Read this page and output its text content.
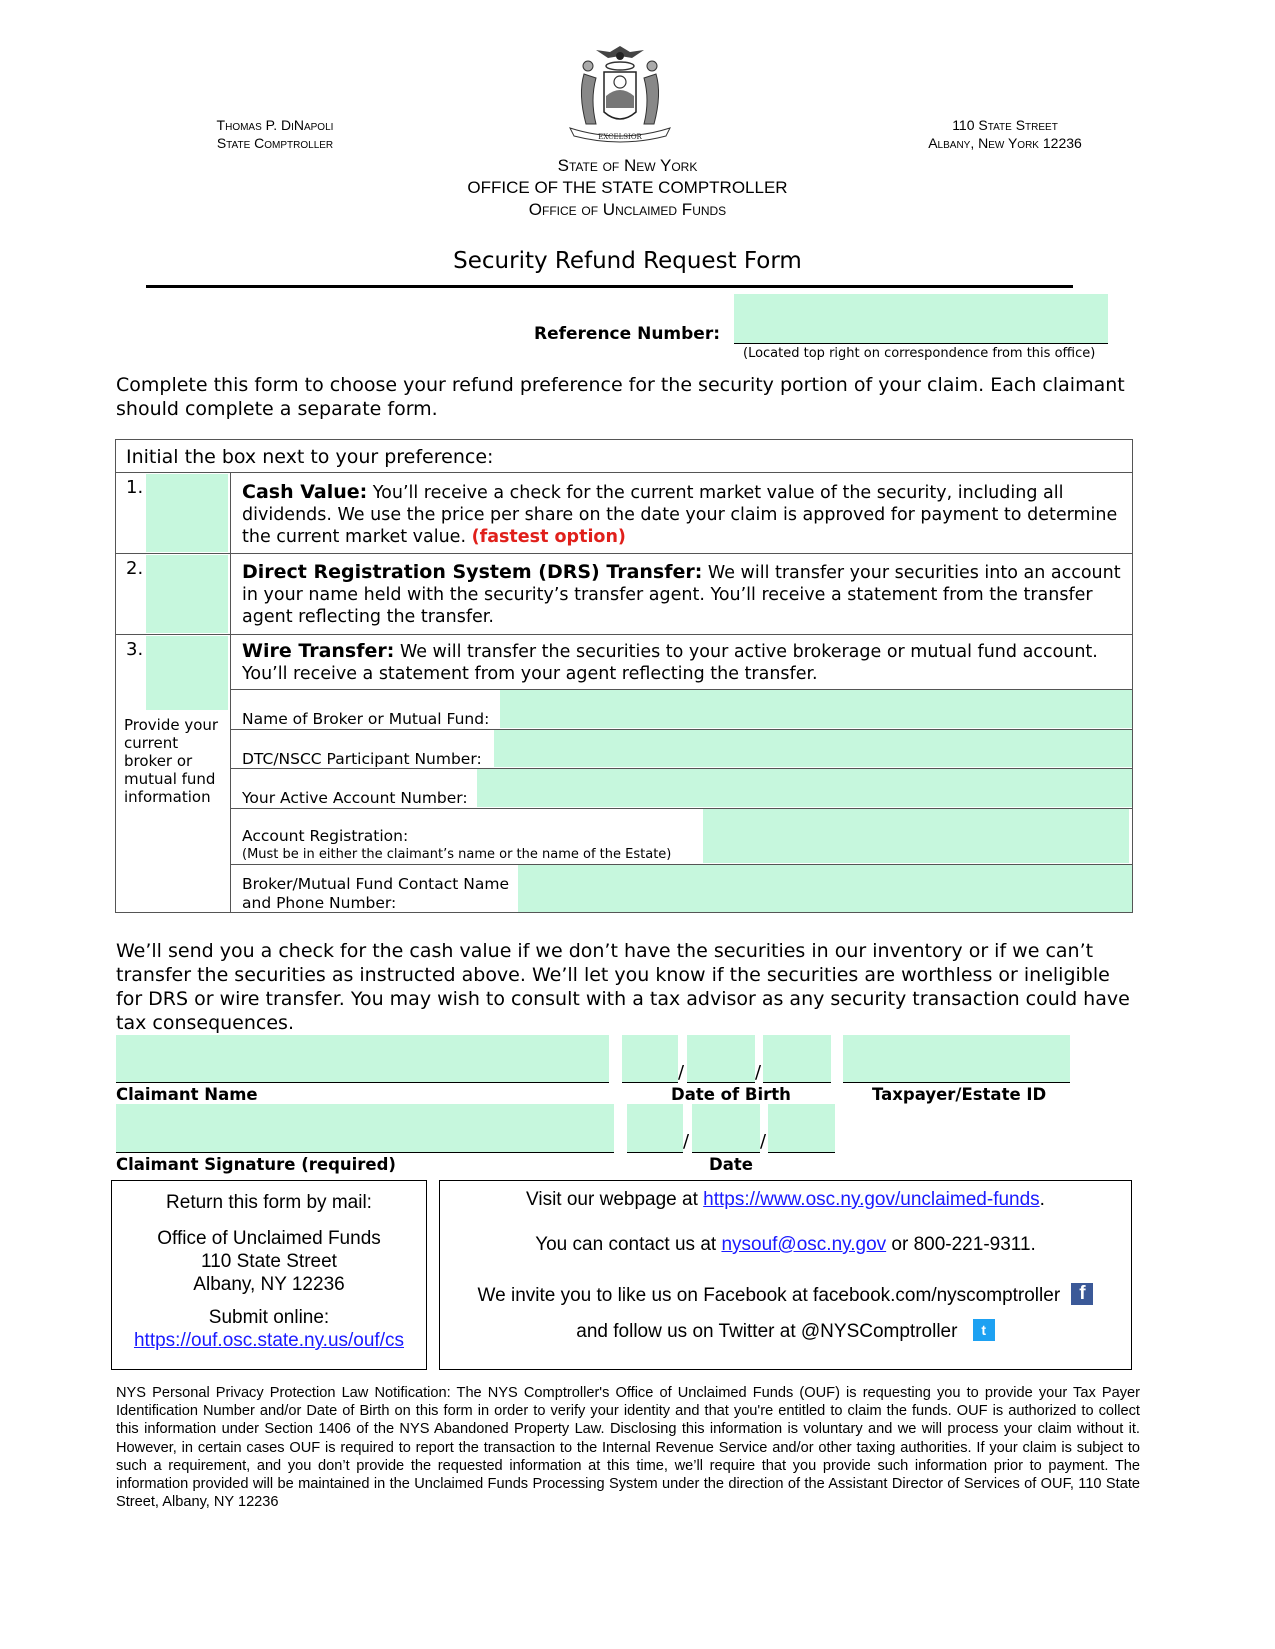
Thomas P. DiNapoli
State Comptroller
110 State Street
Albany, New York 12236
EXCELSIOR
State of New York
OFFICE OF THE STATE COMPTROLLER
Office of Unclaimed Funds
Security Refund Request Form
Reference Number:
(Located top right on correspondence from this office)
Complete this form to choose your refund preference for the security portion of your claim. Each claimant should complete a separate form.
Initial the box next to your preference:
1.	Cash Value: You’ll receive a check for the current market value of the security, including all dividends. We use the price per share on the date your claim is approved for payment to determine the current market value. (fastest option)
2.	Direct Registration System (DRS) Transfer: We will transfer your securities into an account in your name held with the security’s transfer agent. You’ll receive a statement from the transfer agent reflecting the transfer.
3.	Wire Transfer: We will transfer the securities to your active brokerage or mutual fund account. You’ll receive a statement from your agent reflecting the transfer.
Provide your current broker or mutual fund information
Name of Broker or Mutual Fund:
DTC/NSCC Participant Number:
Your Active Account Number:
Account Registration:
(Must be in either the claimant’s name or the name of the Estate)
Broker/Mutual Fund Contact Name
and Phone Number:
We’ll send you a check for the cash value if we don’t have the securities in our inventory or if we can’t transfer the securities as instructed above. We’ll let you know if the securities are worthless or ineligible for DRS or wire transfer. You may wish to consult with a tax advisor as any security transaction could have tax consequences.
/	/
Claimant Name	Date of Birth	Taxpayer/Estate ID
/	/
Claimant Signature (required)	Date
Return this form by mail:
Office of Unclaimed Funds
110 State Street
Albany, NY 12236
Submit online:
https://ouf.osc.state.ny.us/ouf/cs
Visit our webpage at https://www.osc.ny.gov/unclaimed-funds.
You can contact us at nysouf@osc.ny.gov or 800-221-9311.
We invite you to like us on Facebook at facebook.com/nyscomptroller f
and follow us on Twitter at @NYSComptroller t
NYS Personal Privacy Protection Law Notification: The NYS Comptroller's Office of Unclaimed Funds (OUF) is requesting you to provide your Tax Payer Identification Number and/or Date of Birth on this form in order to verify your identity and that you're entitled to claim the funds. OUF is authorized to collect this information under Section 1406 of the NYS Abandoned Property Law. Disclosing this information is voluntary and we will process your claim without it. However, in certain cases OUF is required to report the transaction to the Internal Revenue Service and/or other taxing authorities. If your claim is subject to such a requirement, and you don’t provide the requested information at this time, we’ll require that you provide such information prior to payment. The information provided will be maintained in the Unclaimed Funds Processing System under the direction of the Assistant Director of Services of OUF, 110 State Street, Albany, NY 12236
